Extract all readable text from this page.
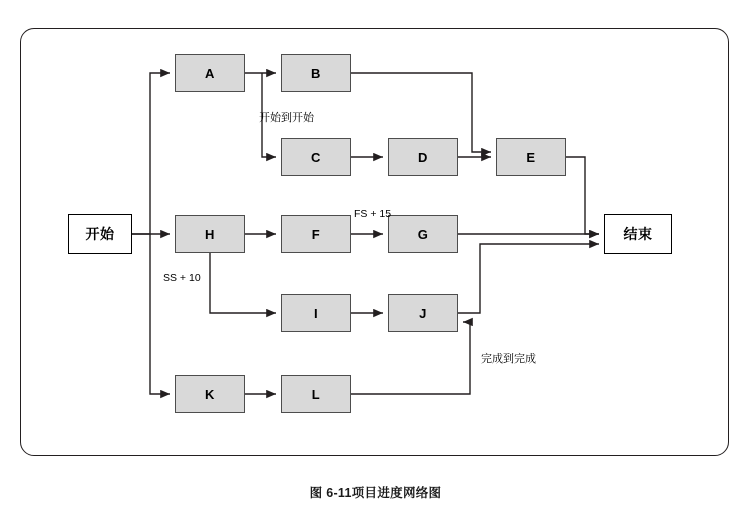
开始
A	B
C	D	E
H	F	G
I	J
K	L
结束
开始到开始
FS + 15
SS + 10
完成到完成
图 6-11项目进度网络图
